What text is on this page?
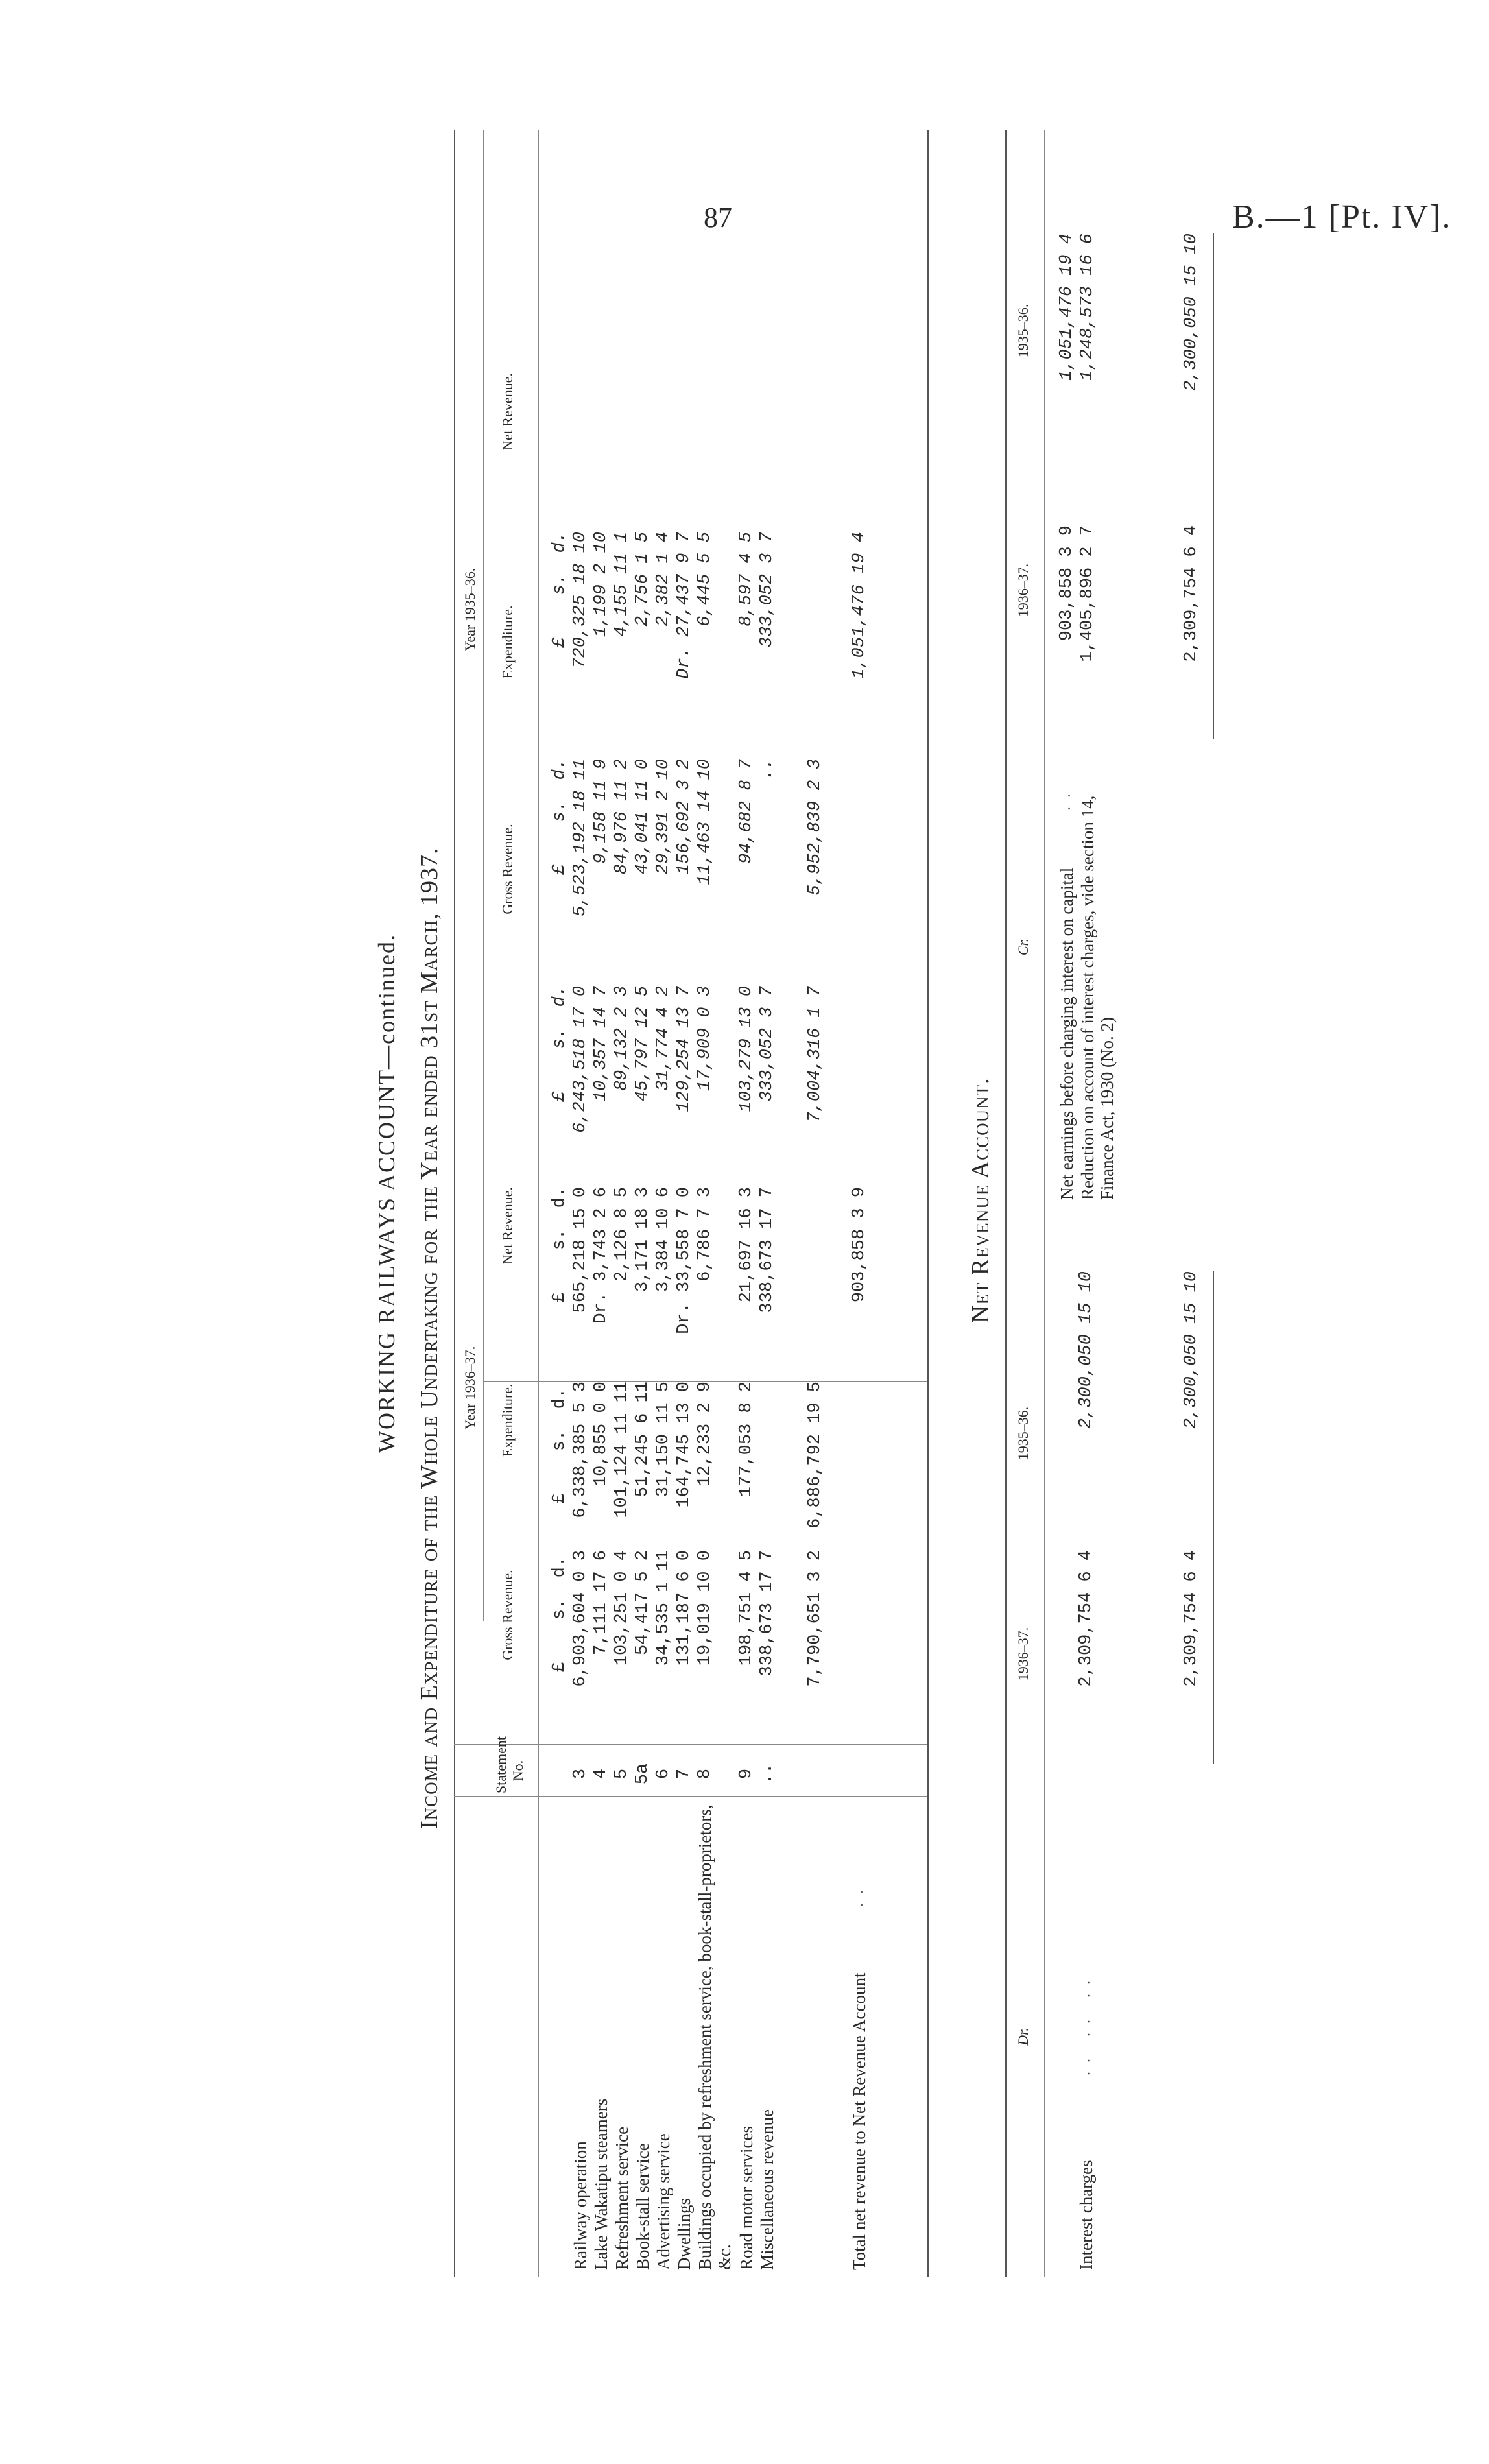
87	B.—1 [Pt. IV].
WORKING RAILWAYS ACCOUNT—continued. Income and Expenditure of the Whole Undertaking for the Year ended 31st March, 1937.	Statement No.
Year 1936–37.
Year 1935–36.
Gross Revenue.
Expenditure.
Net Revenue.
Gross Revenue.
Expenditure.
Net Revenue.
£    s.  d.
£    s.  d.
£    s.  d.
£    s.  d.
£    s.  d.
£    s.  d.
Railway operation
3
6,903,604 0 3
6,338,385 5 3
565,218 15 0
6,243,518 17 0
5,523,192 18 11
720,325 18 10
Lake Wakatipu steamers
4
7,111 17 6
10,855 0 0
Dr. 3,743 2 6
10,357 14 7
9,158 11 9
1,199 2 10
Refreshment service
5
103,251 0 4
101,124 11 11
2,126 8 5
89,132 2 3
84,976 11 2
4,155 11 1
Book-stall service
5a
54,417 5 2
51,245 6 11
3,171 18 3
45,797 12 5
43,041 11 0
2,756 1 5
Advertising service
6
34,535 1 11
31,150 11 5
3,384 10 6
31,774 4 2
29,391 2 10
2,382 1 4
Dwellings
7
131,187 6 0
164,745 13 0
Dr. 33,558 7 0
129,254 13 7
156,692 3 2
Dr. 27,437 9 7
Buildings occupied by refreshment service, book-stall-proprietors, &c.
8
19,019 10 0
12,233 2 9
6,786 7 3
17,909 0 3
11,463 14 10
6,445 5 5
Road motor services
9
198,751 4 5
177,053 8 2
21,697 16 3
103,279 13 0
94,682 8 7
8,597 4 5
Miscellaneous revenue
..
338,673 17 7
338,673 17 7
333,052 3 7
..
333,052 3 7
7,790,651 3 2
6,886,792 19 5
7,004,316 1 7
5,952,839 2 3
Total net revenue to Net Revenue Account
. .
903,858 3 9
1,051,476 19 4
Net Revenue Account.
Dr.
1936–37.
1935–36.
Cr.
1936–37.
1935–36.
Interest charges
. .   . .   . .
2,309,754 6 4
2,300,050 15 10
Net earnings before charging interest on capital
. .
903,858 3 9
1,051,476 19 4
Reduction on account of interest charges, vide section 14, Finance Act, 1930 (No. 2)
1,405,896 2 7
1,248,573 16 6
2,309,754 6 4
2,300,050 15 10
2,309,754 6 4
2,300,050 15 10
